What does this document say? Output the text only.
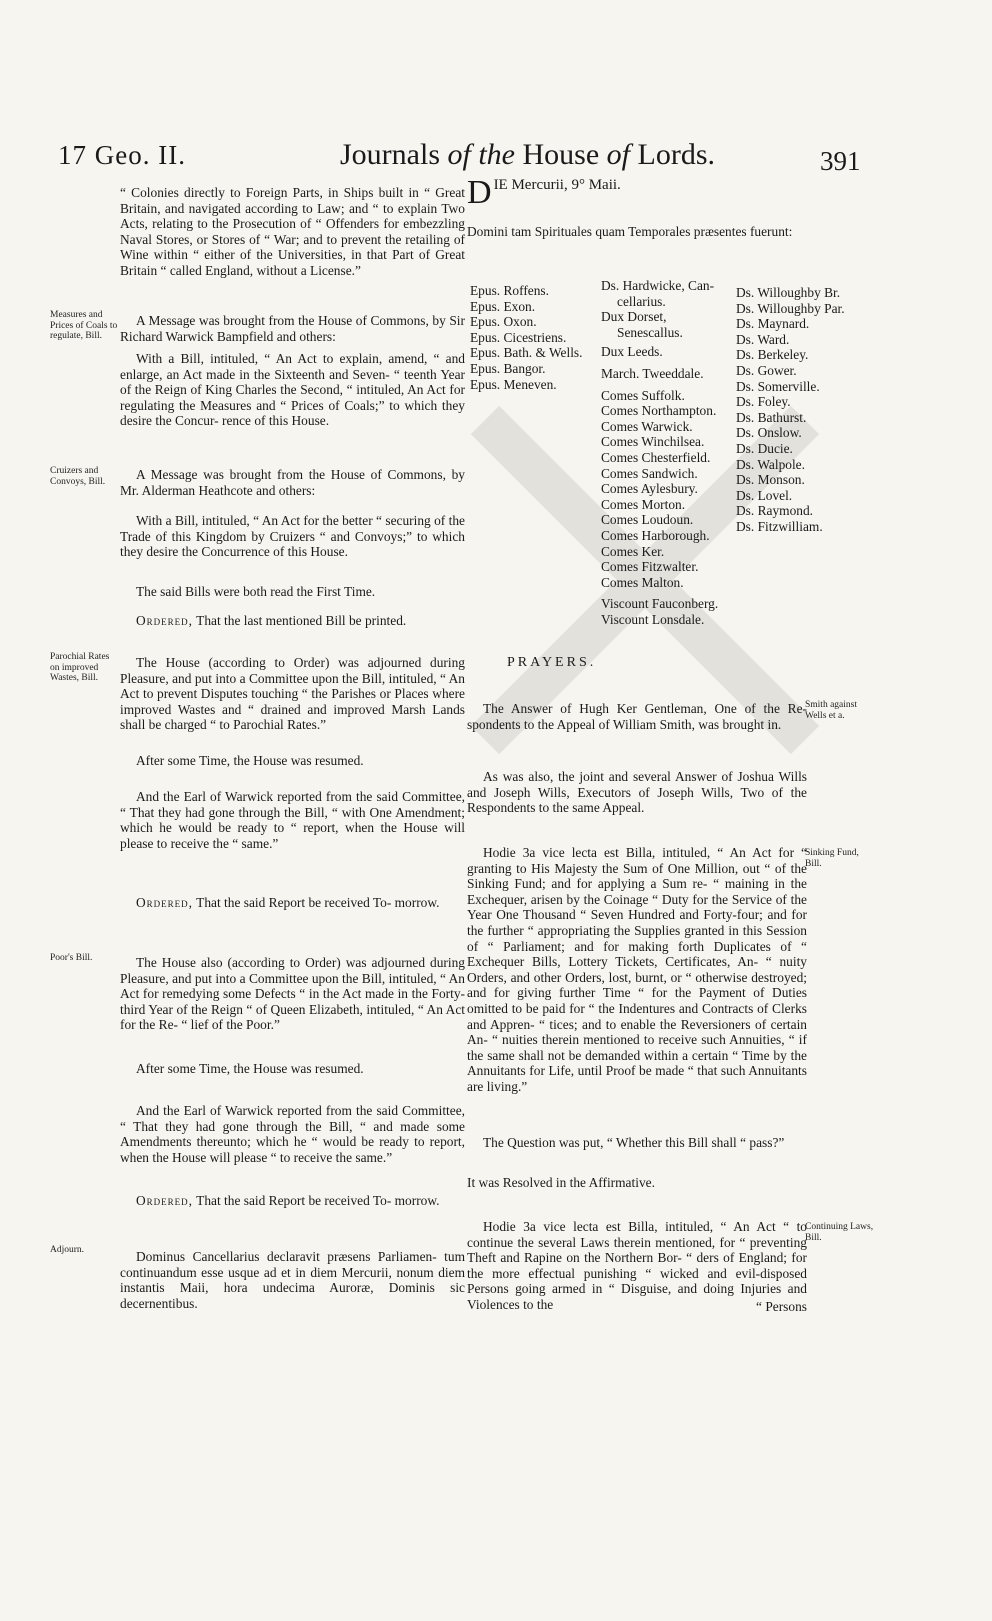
17 Geo. II.	Journals of the House of Lords.	391
Measures and Prices of Coals to regulate, Bill.
Cruizers and Convoys, Bill.
Parochial Rates on improved Wastes, Bill.
Poor's Bill.
Adjourn.

“ Colonies directly to Foreign Parts, in Ships built in “ Great Britain, and navigated according to Law; and “ to explain Two Acts, relating to the Prosecution of “ Offenders for embezzling Naval Stores, or Stores of “ War; and to prevent the retailing of Wine within “ either of the Universities, in that Part of Great Britain “ called England, without a License.”

A Message was brought from the House of Commons, by Sir Richard Warwick Bampfield and others:

With a Bill, intituled, “ An Act to explain, amend, “ and enlarge, an Act made in the Sixteenth and Seven- “ teenth Year of the Reign of King Charles the Second, “ intituled, An Act for regulating the Measures and “ Prices of Coals;” to which they desire the Concur- rence of this House.

A Message was brought from the House of Commons, by Mr. Alderman Heathcote and others:

With a Bill, intituled, “ An Act for the better “ securing of the Trade of this Kingdom by Cruizers “ and Convoys;” to which they desire the Concurrence of this House.

The said Bills were both read the First Time.

Ordered, That the last mentioned Bill be printed.

The House (according to Order) was adjourned during Pleasure, and put into a Committee upon the Bill, intituled, “ An Act to prevent Disputes touching “ the Parishes or Places where improved Wastes and “ drained and improved Marsh Lands shall be charged “ to Parochial Rates.”

After some Time, the House was resumed.

And the Earl of Warwick reported from the said Committee, “ That they had gone through the Bill, “ with One Amendment; which he would be ready to “ report, when the House will please to receive the “ same.”

Ordered, That the said Report be received To- morrow.

The House also (according to Order) was adjourned during Pleasure, and put into a Committee upon the Bill, intituled, “ An Act for remedying some Defects “ in the Act made in the Forty-third Year of the Reign “ of Queen Elizabeth, intituled, “ An Act for the Re- “ lief of the Poor.”

After some Time, the House was resumed.

And the Earl of Warwick reported from the said Committee, “ That they had gone through the Bill, “ and made some Amendments thereunto; which he “ would be ready to report, when the House will please “ to receive the same.”

Ordered, That the said Report be received To- morrow.

Dominus Cancellarius declaravit præsens Parliamen- tum continuandum esse usque ad et in diem Mercurii, nonum diem instantis Maii, hora undecima Auroræ, Dominis sic decernentibus.

DIE Mercurii, 9° Maii.

Domini tam Spirituales quam Temporales præsentes fuerunt:

Epus. Roffens.
Epus. Exon.
Epus. Oxon.
Epus. Cicestriens.
Epus. Bath. & Wells.
Epus. Bangor.
Epus. Meneven.
Ds. Hardwicke, Can-
cellarius.
Dux Dorset,
Senescallus.
Dux Leeds.
March. Tweeddale.
Comes Suffolk.
Comes Northampton.
Comes Warwick.
Comes Winchilsea.
Comes Chesterfield.
Comes Sandwich.
Comes Aylesbury.
Comes Morton.
Comes Loudoun.
Comes Harborough.
Comes Ker.
Comes Fitzwalter.
Comes Malton.
Viscount Fauconberg.
Viscount Lonsdale.
Ds. Willoughby Br.
Ds. Willoughby Par.
Ds. Maynard.
Ds. Ward.
Ds. Berkeley.
Ds. Gower.
Ds. Somerville.
Ds. Foley.
Ds. Bathurst.
Ds. Onslow.
Ds. Ducie.
Ds. Walpole.
Ds. Monson.
Ds. Lovel.
Ds. Raymond.
Ds. Fitzwilliam.

PRAYERS.

The Answer of Hugh Ker Gentleman, One of the Re- spondents to the Appeal of William Smith, was brought in.

As was also, the joint and several Answer of Joshua Wills and Joseph Wills, Executors of Joseph Wills, Two of the Respondents to the same Appeal.

Hodie 3a vice lecta est Billa, intituled, “ An Act for “ granting to His Majesty the Sum of One Million, out “ of the Sinking Fund; and for applying a Sum re- “ maining in the Exchequer, arisen by the Coinage “ Duty for the Service of the Year One Thousand “ Seven Hundred and Forty-four; and for the further “ appropriating the Supplies granted in this Session of “ Parliament; and for making forth Duplicates of “ Exchequer Bills, Lottery Tickets, Certificates, An- “ nuity Orders, and other Orders, lost, burnt, or “ otherwise destroyed; and for giving further Time “ for the Payment of Duties omitted to be paid for “ the Indentures and Contracts of Clerks and Appren- “ tices; and to enable the Reversioners of certain An- “ nuities therein mentioned to receive such Annuities, “ if the same shall not be demanded within a certain “ Time by the Annuitants for Life, until Proof be made “ that such Annuitants are living.”

The Question was put, “ Whether this Bill shall “ pass?”

It was Resolved in the Affirmative.

Hodie 3a vice lecta est Billa, intituled, “ An Act “ to continue the several Laws therein mentioned, for “ preventing Theft and Rapine on the Northern Bor- “ ders of England; for the more effectual punishing “ wicked and evil-disposed Persons going armed in “ Disguise, and doing Injuries and Violences to the	“ Persons
Smith against Wells et a.
Sinking Fund, Bill.
Continuing Laws, Bill.
